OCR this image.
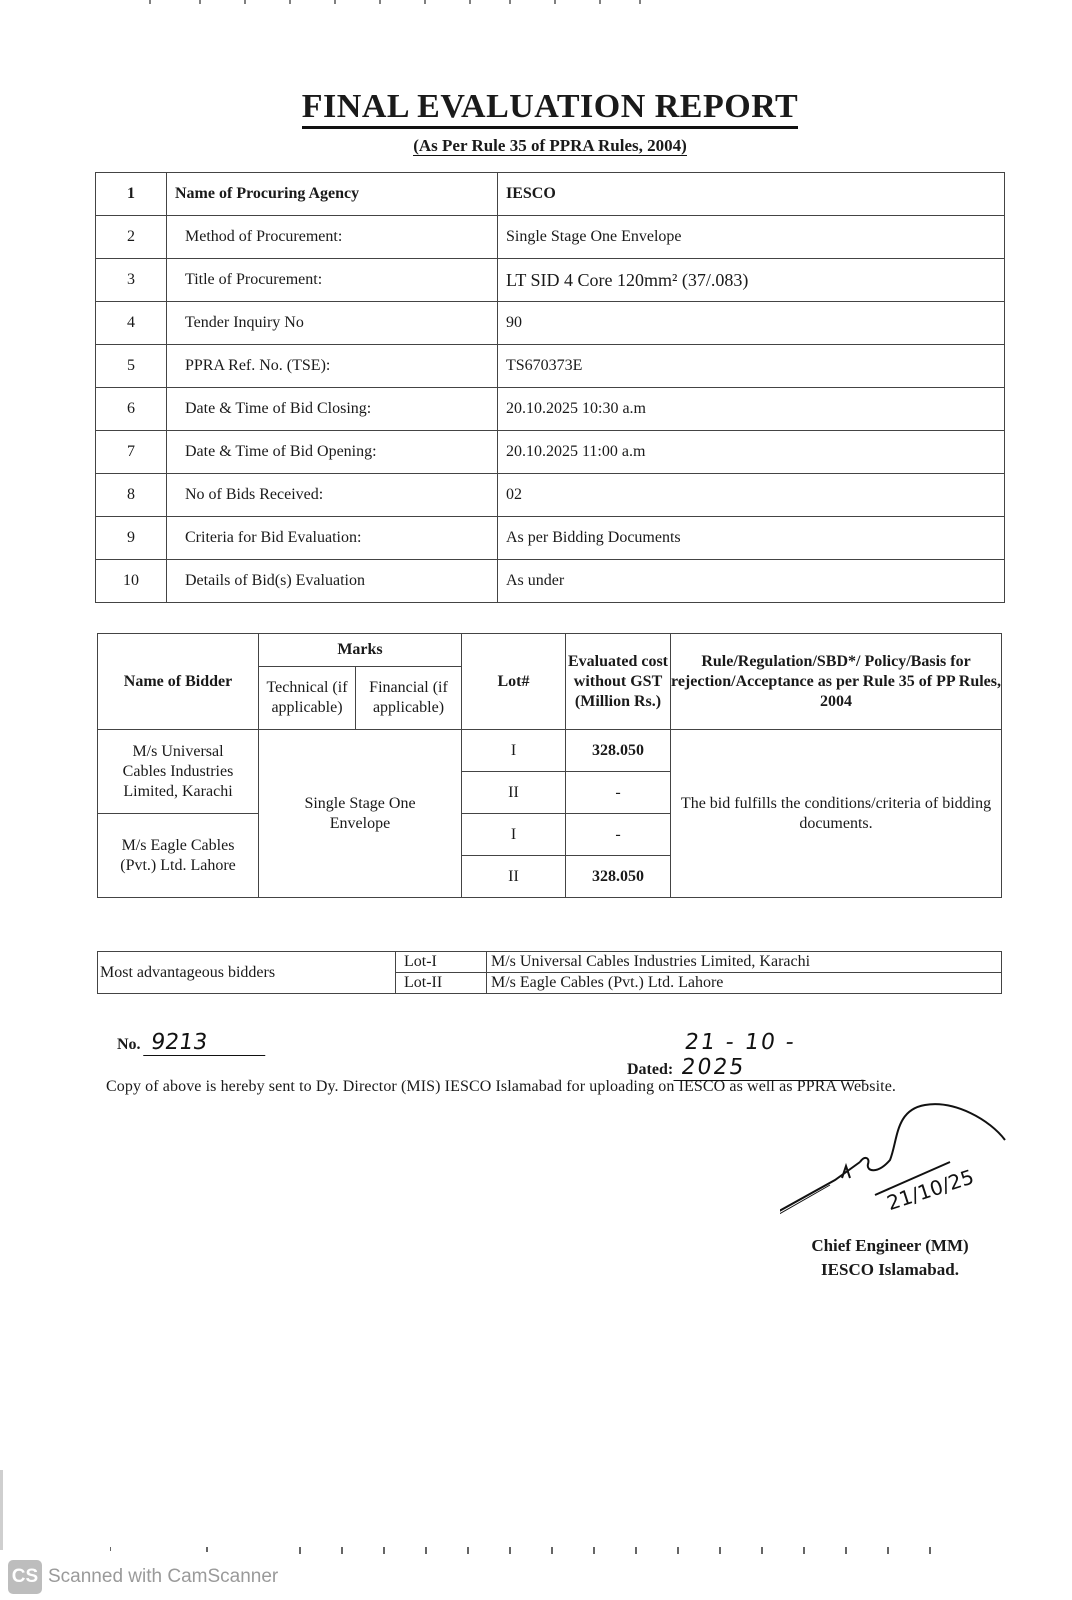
FINAL EVALUATION REPORT
(As Per Rule 35 of PPRA Rules, 2004)
1	Name of Procuring Agency	IESCO
2	Method of Procurement:	Single Stage One Envelope
3	Title of Procurement:	LT SID 4 Core 120mm² (37/.083)
4	Tender Inquiry No	90
5	PPRA Ref. No. (TSE):	TS670373E
6	Date & Time of Bid Closing:	20.10.2025 10:30 a.m
7	Date & Time of Bid Opening:	20.10.2025 11:00 a.m
8	No of Bids Received:	02
9	Criteria for Bid Evaluation:	As per Bidding Documents
10	Details of Bid(s) Evaluation	As under
Name of Bidder	Marks		Lot#	Evaluated cost without GST (Million Rs.)	Rule/Regulation/SBD*/ Policy/Basis for rejection/Acceptance as per Rule 35 of PP Rules, 2004
	Technical (if applicable)	Financial (if applicable)			
M/s Universal Cables Industries Limited, Karachi	Single Stage One Envelope		I	328.050	The bid fulfills the conditions/criteria of bidding documents.
			II	-	
M/s Eagle Cables (Pvt.) Ltd. Lahore			I	-	
			II	328.050	
Most advantageous bidders	Lot-I	M/s Universal Cables Industries Limited, Karachi
	Lot-II	M/s Eagle Cables (Pvt.) Ltd. Lahore
No. 9213
Dated: 21 - 10 - 2025
Copy of above is hereby sent to Dy. Director (MIS) IESCO Islamabad for uploading on IESCO as well as PPRA Website.
21/10/25
Chief Engineer (MM)
IESCO Islamabad.
CS Scanned with CamScanner
